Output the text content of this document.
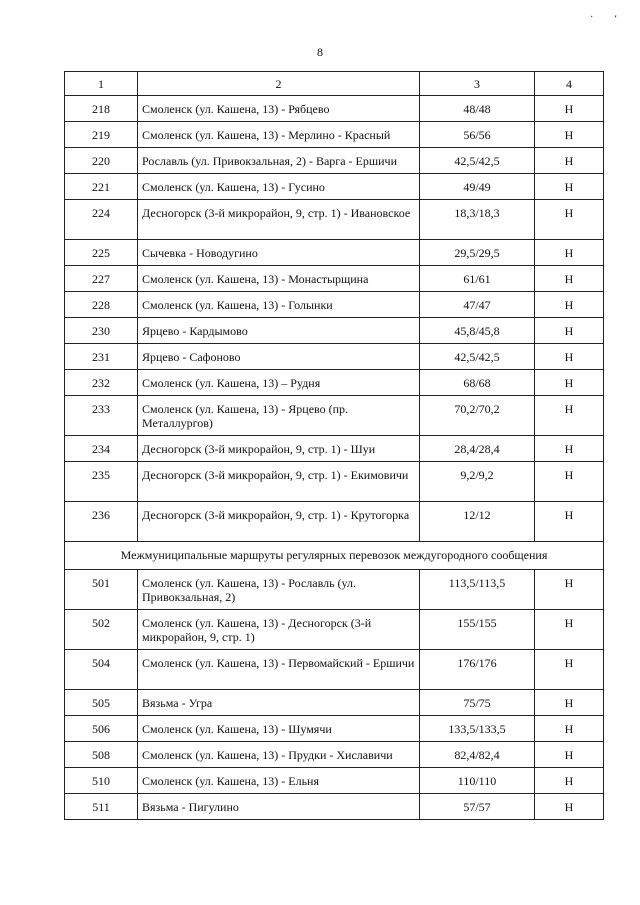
· ʻ
8
1	2	3	4
218	Смоленск (ул. Кашена, 13) - Рябцево	48/48	Н
219	Смоленск (ул. Кашена, 13) - Мерлино - Красный	56/56	Н
220	Рославль (ул. Привокзальная, 2) - Варга - Ершичи	42,5/42,5	Н
221	Смоленск (ул. Кашена, 13) - Гусино	49/49	Н
224	Десногорск (3-й микрорайон, 9, стр. 1) - Ивановское	18,3/18,3	Н
225	Сычевка - Новодугино	29,5/29,5	Н
227	Смоленск (ул. Кашена, 13) - Монастырщина	61/61	Н
228	Смоленск (ул. Кашена, 13) - Голынки	47/47	Н
230	Ярцево - Кардымово	45,8/45,8	Н
231	Ярцево - Сафоново	42,5/42,5	Н
232	Смоленск (ул. Кашена, 13) – Рудня	68/68	Н
233	Смоленск (ул. Кашена, 13) - Ярцево (пр. Металлургов)	70,2/70,2	Н
234	Десногорск (3-й микрорайон, 9, стр. 1) - Шуи	28,4/28,4	Н
235	Десногорск (3-й микрорайон, 9, стр. 1) - Екимовичи	9,2/9,2	Н
236	Десногорск (3-й микрорайон, 9, стр. 1) - Крутогорка	12/12	Н
Межмуниципальные маршруты регулярных перевозок междугородного сообщения			
501	Смоленск (ул. Кашена, 13) - Рославль (ул. Привокзальная, 2)	113,5/113,5	Н
502	Смоленск (ул. Кашена, 13) - Десногорск (3-й микрорайон, 9, стр. 1)	155/155	Н
504	Смоленск (ул. Кашена, 13) - Первомайский - Ершичи	176/176	Н
505	Вязьма - Угра	75/75	Н
506	Смоленск (ул. Кашена, 13) - Шумячи	133,5/133,5	Н
508	Смоленск (ул. Кашена, 13) - Прудки - Хиславичи	82,4/82,4	Н
510	Смоленск (ул. Кашена, 13) - Ельня	110/110	Н
511	Вязьма - Пигулино	57/57	Н
